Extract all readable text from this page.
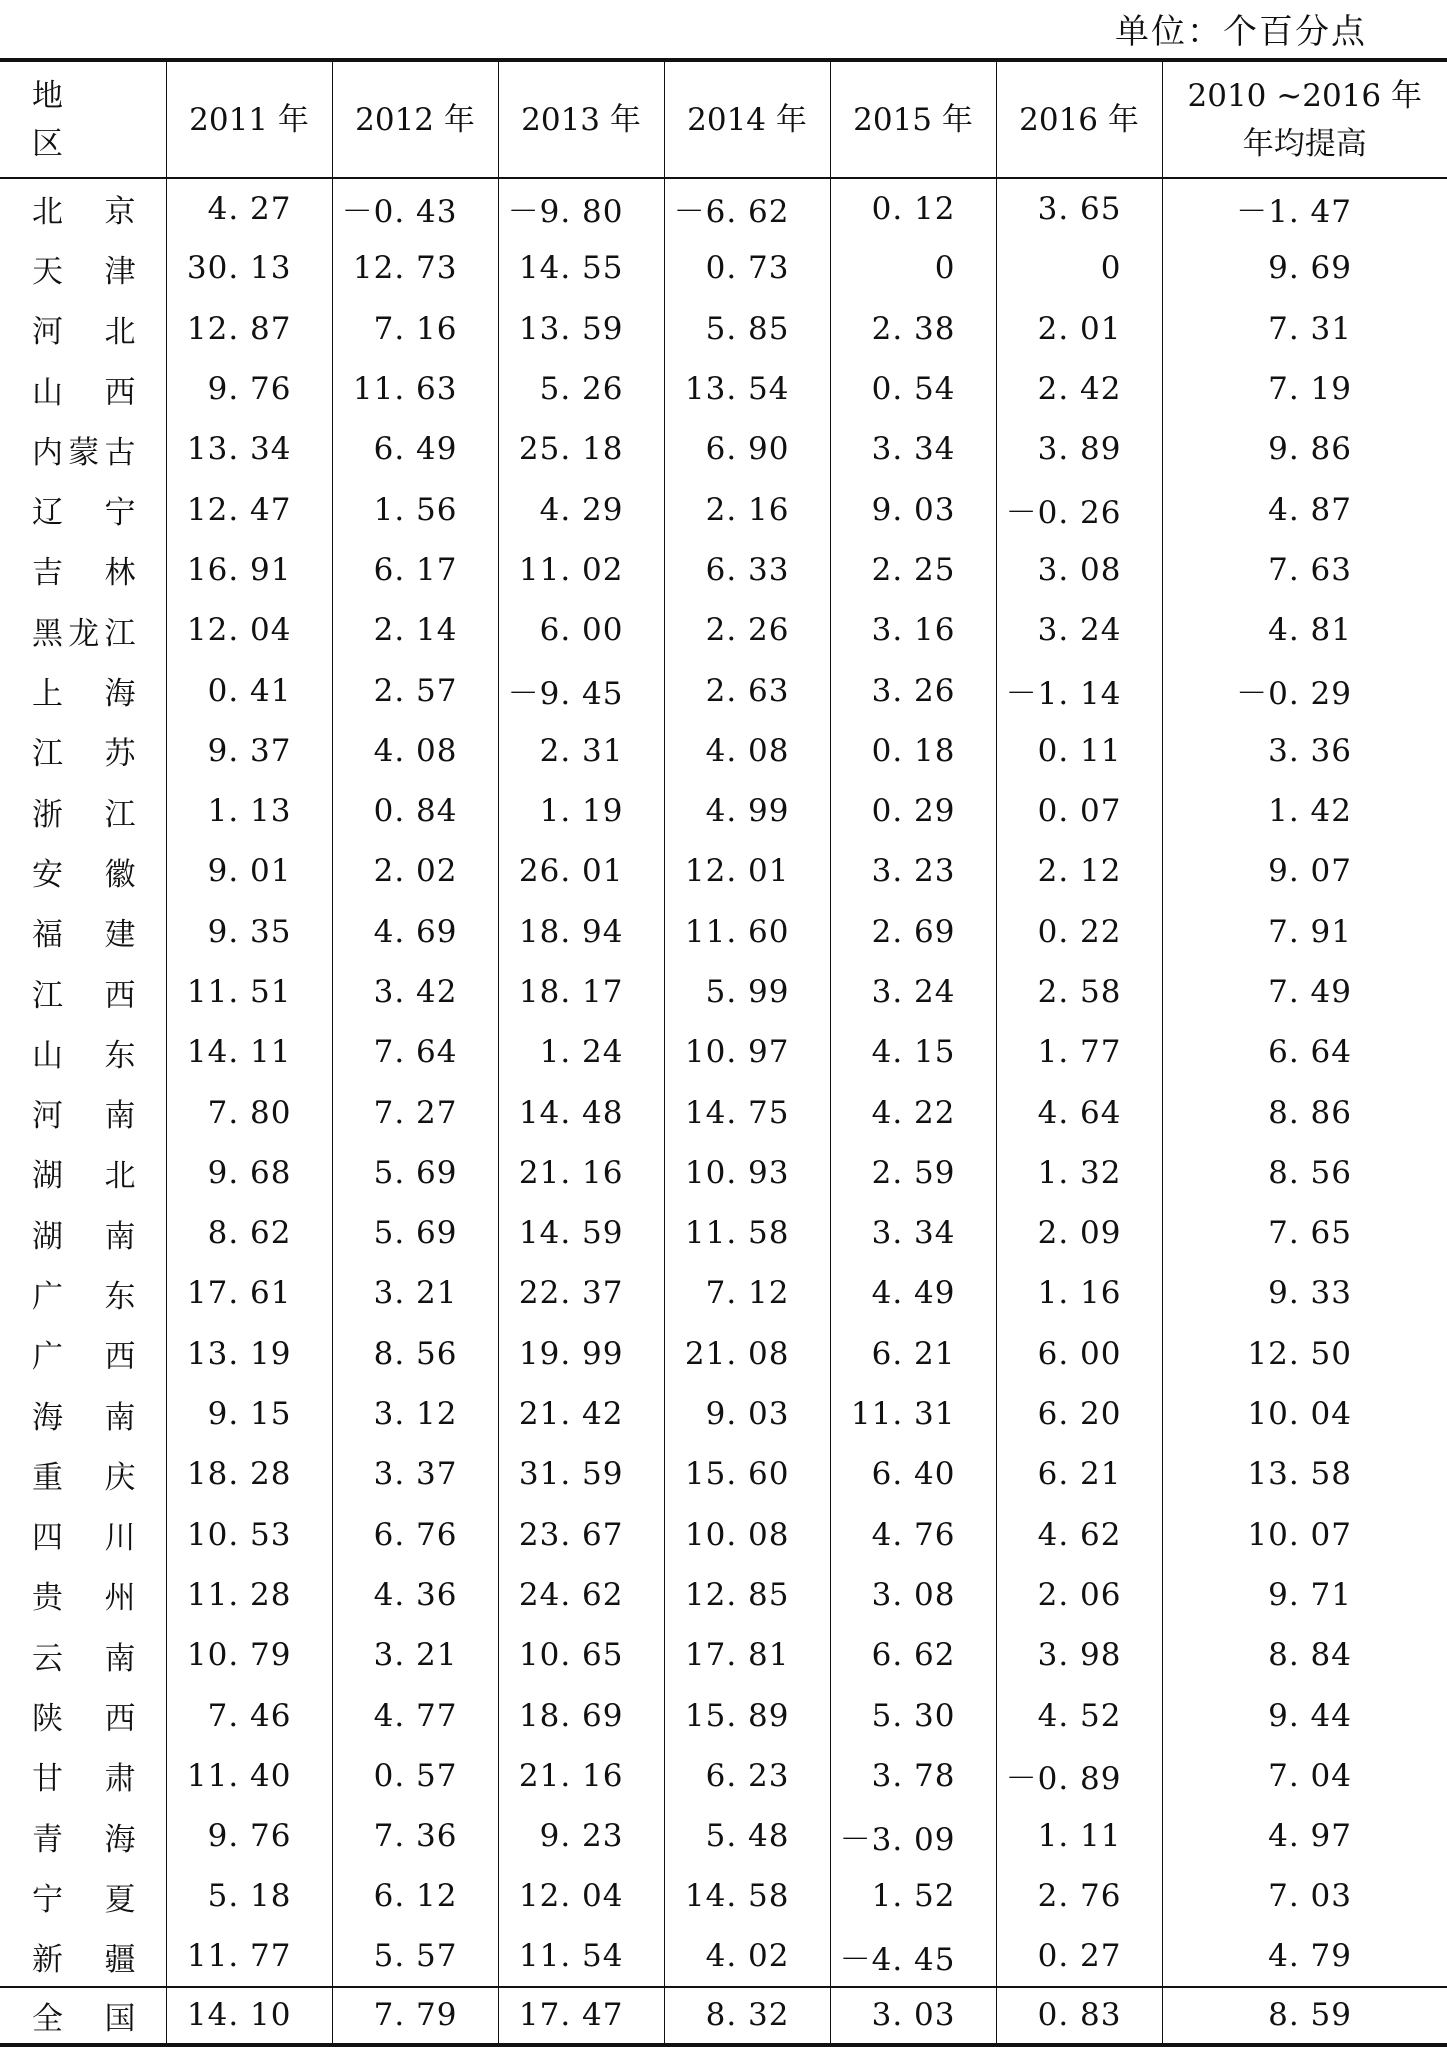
单位：个百分点
地 区	2011 年	2012 年	2013 年	2014 年	2015 年	2016 年	2010 ~2016 年
年均提高
北京	4. 27	－0. 43	－9. 80	－6. 62	0. 12	3. 65	－1. 47
天津	30. 13	12. 73	14. 55	0. 73	0	0	9. 69
河北	12. 87	7. 16	13. 59	5. 85	2. 38	2. 01	7. 31
山西	9. 76	11. 63	5. 26	13. 54	0. 54	2. 42	7. 19
内蒙古	13. 34	6. 49	25. 18	6. 90	3. 34	3. 89	9. 86
辽宁	12. 47	1. 56	4. 29	2. 16	9. 03	－0. 26	4. 87
吉林	16. 91	6. 17	11. 02	6. 33	2. 25	3. 08	7. 63
黑龙江	12. 04	2. 14	6. 00	2. 26	3. 16	3. 24	4. 81
上海	0. 41	2. 57	－9. 45	2. 63	3. 26	－1. 14	－0. 29
江苏	9. 37	4. 08	2. 31	4. 08	0. 18	0. 11	3. 36
浙江	1. 13	0. 84	1. 19	4. 99	0. 29	0. 07	1. 42
安徽	9. 01	2. 02	26. 01	12. 01	3. 23	2. 12	9. 07
福建	9. 35	4. 69	18. 94	11. 60	2. 69	0. 22	7. 91
江西	11. 51	3. 42	18. 17	5. 99	3. 24	2. 58	7. 49
山东	14. 11	7. 64	1. 24	10. 97	4. 15	1. 77	6. 64
河南	7. 80	7. 27	14. 48	14. 75	4. 22	4. 64	8. 86
湖北	9. 68	5. 69	21. 16	10. 93	2. 59	1. 32	8. 56
湖南	8. 62	5. 69	14. 59	11. 58	3. 34	2. 09	7. 65
广东	17. 61	3. 21	22. 37	7. 12	4. 49	1. 16	9. 33
广西	13. 19	8. 56	19. 99	21. 08	6. 21	6. 00	12. 50
海南	9. 15	3. 12	21. 42	9. 03	11. 31	6. 20	10. 04
重庆	18. 28	3. 37	31. 59	15. 60	6. 40	6. 21	13. 58
四川	10. 53	6. 76	23. 67	10. 08	4. 76	4. 62	10. 07
贵州	11. 28	4. 36	24. 62	12. 85	3. 08	2. 06	9. 71
云南	10. 79	3. 21	10. 65	17. 81	6. 62	3. 98	8. 84
陕西	7. 46	4. 77	18. 69	15. 89	5. 30	4. 52	9. 44
甘肃	11. 40	0. 57	21. 16	6. 23	3. 78	－0. 89	7. 04
青海	9. 76	7. 36	9. 23	5. 48	－3. 09	1. 11	4. 97
宁夏	5. 18	6. 12	12. 04	14. 58	1. 52	2. 76	7. 03
新疆	11. 77	5. 57	11. 54	4. 02	－4. 45	0. 27	4. 79
全国	14. 10	7. 79	17. 47	8. 32	3. 03	0. 83	8. 59
